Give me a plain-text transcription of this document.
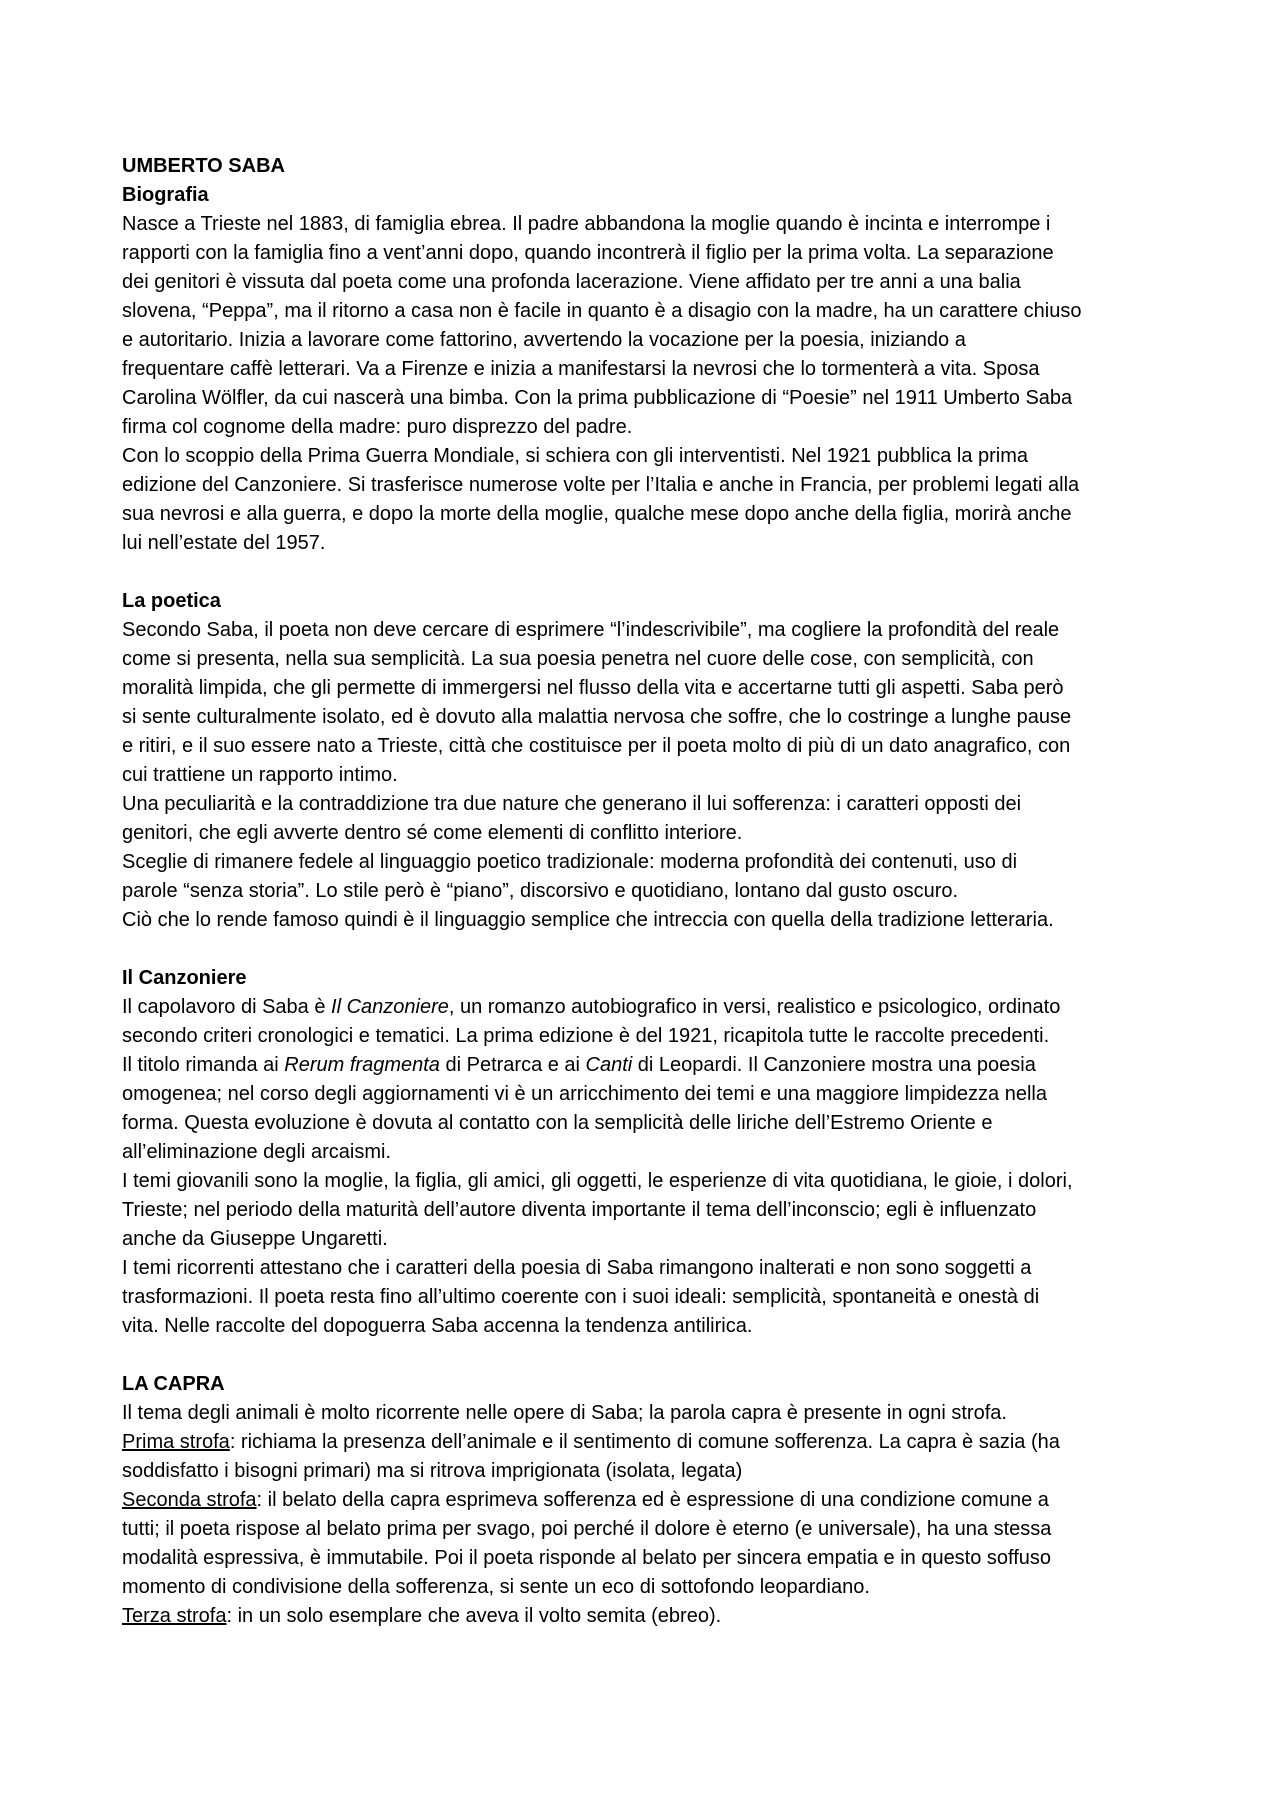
UMBERTO SABA
Biografia
Nasce a Trieste nel 1883, di famiglia ebrea. Il padre abbandona la moglie quando è incinta e interrompe i
rapporti con la famiglia fino a vent’anni dopo, quando incontrerà il figlio per la prima volta. La separazione
dei genitori è vissuta dal poeta come una profonda lacerazione. Viene affidato per tre anni a una balia
slovena, “Peppa”, ma il ritorno a casa non è facile in quanto è a disagio con la madre, ha un carattere chiuso
e autoritario. Inizia a lavorare come fattorino, avvertendo la vocazione per la poesia, iniziando a
frequentare caffè letterari. Va a Firenze e inizia a manifestarsi la nevrosi che lo tormenterà a vita. Sposa
Carolina Wölfler, da cui nascerà una bimba. Con la prima pubblicazione di “Poesie” nel 1911 Umberto Saba
firma col cognome della madre: puro disprezzo del padre.
Con lo scoppio della Prima Guerra Mondiale, si schiera con gli interventisti. Nel 1921 pubblica la prima
edizione del Canzoniere. Si trasferisce numerose volte per l’Italia e anche in Francia, per problemi legati alla
sua nevrosi e alla guerra, e dopo la morte della moglie, qualche mese dopo anche della figlia, morirà anche
lui nell’estate del 1957.
La poetica
Secondo Saba, il poeta non deve cercare di esprimere “l’indescrivibile”, ma cogliere la profondità del reale
come si presenta, nella sua semplicità. La sua poesia penetra nel cuore delle cose, con semplicità, con
moralità limpida, che gli permette di immergersi nel flusso della vita e accertarne tutti gli aspetti. Saba però
si sente culturalmente isolato, ed è dovuto alla malattia nervosa che soffre, che lo costringe a lunghe pause
e ritiri, e il suo essere nato a Trieste, città che costituisce per il poeta molto di più di un dato anagrafico, con
cui trattiene un rapporto intimo.
Una peculiarità e la contraddizione tra due nature che generano il lui sofferenza: i caratteri opposti dei
genitori, che egli avverte dentro sé come elementi di conflitto interiore.
Sceglie di rimanere fedele al linguaggio poetico tradizionale: moderna profondità dei contenuti, uso di
parole “senza storia”. Lo stile però è “piano”, discorsivo e quotidiano, lontano dal gusto oscuro.
Ciò che lo rende famoso quindi è il linguaggio semplice che intreccia con quella della tradizione letteraria.
Il Canzoniere
Il capolavoro di Saba è Il Canzoniere, un romanzo autobiografico in versi, realistico e psicologico, ordinato
secondo criteri cronologici e tematici. La prima edizione è del 1921, ricapitola tutte le raccolte precedenti.
Il titolo rimanda ai Rerum fragmenta di Petrarca e ai Canti di Leopardi. Il Canzoniere mostra una poesia
omogenea; nel corso degli aggiornamenti vi è un arricchimento dei temi e una maggiore limpidezza nella
forma. Questa evoluzione è dovuta al contatto con la semplicità delle liriche dell’Estremo Oriente e
all’eliminazione degli arcaismi.
I temi giovanili sono la moglie, la figlia, gli amici, gli oggetti, le esperienze di vita quotidiana, le gioie, i dolori,
Trieste; nel periodo della maturità dell’autore diventa importante il tema dell’inconscio; egli è influenzato
anche da Giuseppe Ungaretti.
I temi ricorrenti attestano che i caratteri della poesia di Saba rimangono inalterati e non sono soggetti a
trasformazioni. Il poeta resta fino all’ultimo coerente con i suoi ideali: semplicità, spontaneità e onestà di
vita. Nelle raccolte del dopoguerra Saba accenna la tendenza antilirica.
LA CAPRA
Il tema degli animali è molto ricorrente nelle opere di Saba; la parola capra è presente in ogni strofa.
Prima strofa: richiama la presenza dell’animale e il sentimento di comune sofferenza. La capra è sazia (ha
soddisfatto i bisogni primari) ma si ritrova imprigionata (isolata, legata)
Seconda strofa: il belato della capra esprimeva sofferenza ed è espressione di una condizione comune a
tutti; il poeta rispose al belato prima per svago, poi perché il dolore è eterno (e universale), ha una stessa
modalità espressiva, è immutabile. Poi il poeta risponde al belato per sincera empatia e in questo soffuso
momento di condivisione della sofferenza, si sente un eco di sottofondo leopardiano.
Terza strofa: in un solo esemplare che aveva il volto semita (ebreo).
